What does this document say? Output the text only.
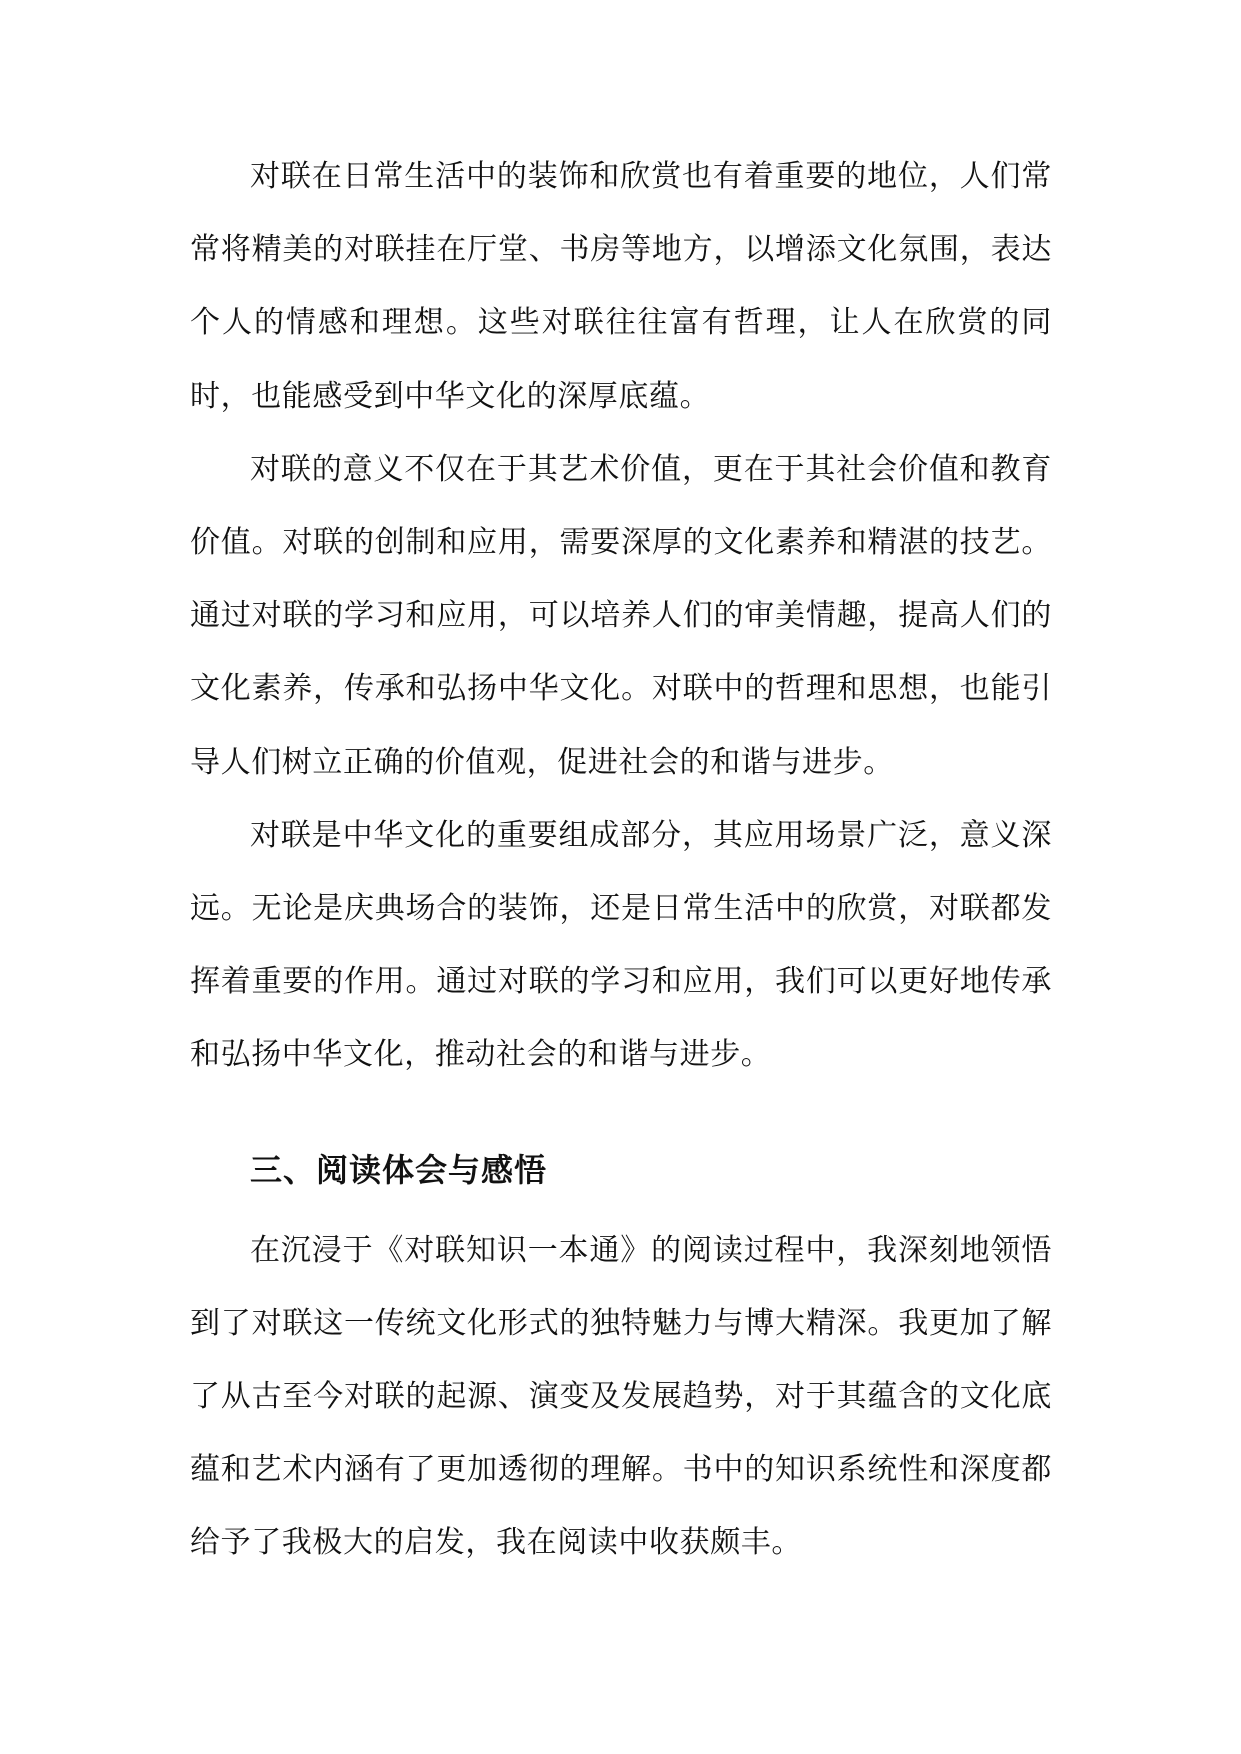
对联在日常生活中的装饰和欣赏也有着重要的地位，人们常常将精美的对联挂在厅堂、书房等地方，以增添文化氛围，表达个人的情感和理想。这些对联往往富有哲理，让人在欣赏的同时，也能感受到中华文化的深厚底蕴。

对联的意义不仅在于其艺术价值，更在于其社会价值和教育价值。对联的创制和应用，需要深厚的文化素养和精湛的技艺。通过对联的学习和应用，可以培养人们的审美情趣，提高人们的文化素养，传承和弘扬中华文化。对联中的哲理和思想，也能引导人们树立正确的价值观，促进社会的和谐与进步。

对联是中华文化的重要组成部分，其应用场景广泛，意义深远。无论是庆典场合的装饰，还是日常生活中的欣赏，对联都发挥着重要的作用。通过对联的学习和应用，我们可以更好地传承和弘扬中华文化，推动社会的和谐与进步。

三、阅读体会与感悟

在沉浸于《对联知识一本通》的阅读过程中，我深刻地领悟到了对联这一传统文化形式的独特魅力与博大精深。我更加了解了从古至今对联的起源、演变及发展趋势，对于其蕴含的文化底蕴和艺术内涵有了更加透彻的理解。书中的知识系统性和深度都给予了我极大的启发，我在阅读中收获颇丰。
